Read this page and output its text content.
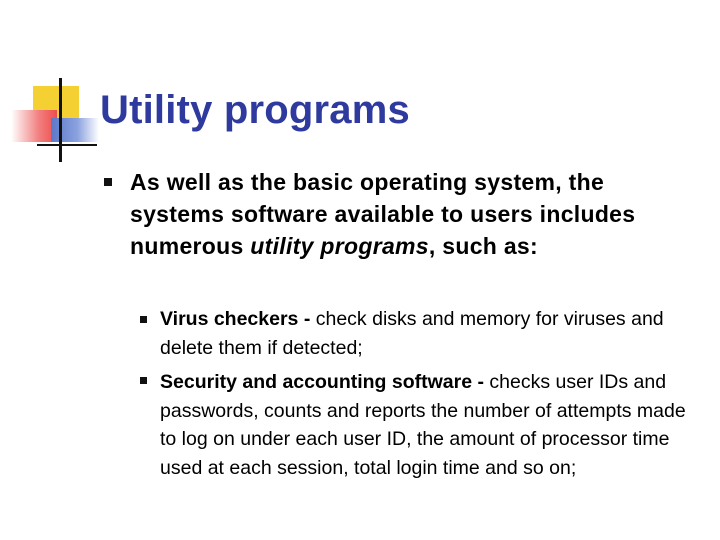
Utility programs
As well as the basic operating system, the systems software available to users includes numerous utility programs, such as:
Virus checkers - check disks and memory for viruses and delete them if detected;
Security and accounting software - checks user IDs and passwords, counts and reports the number of attempts made to log on under each user ID, the amount of processor time used at each session, total login time and so on;
